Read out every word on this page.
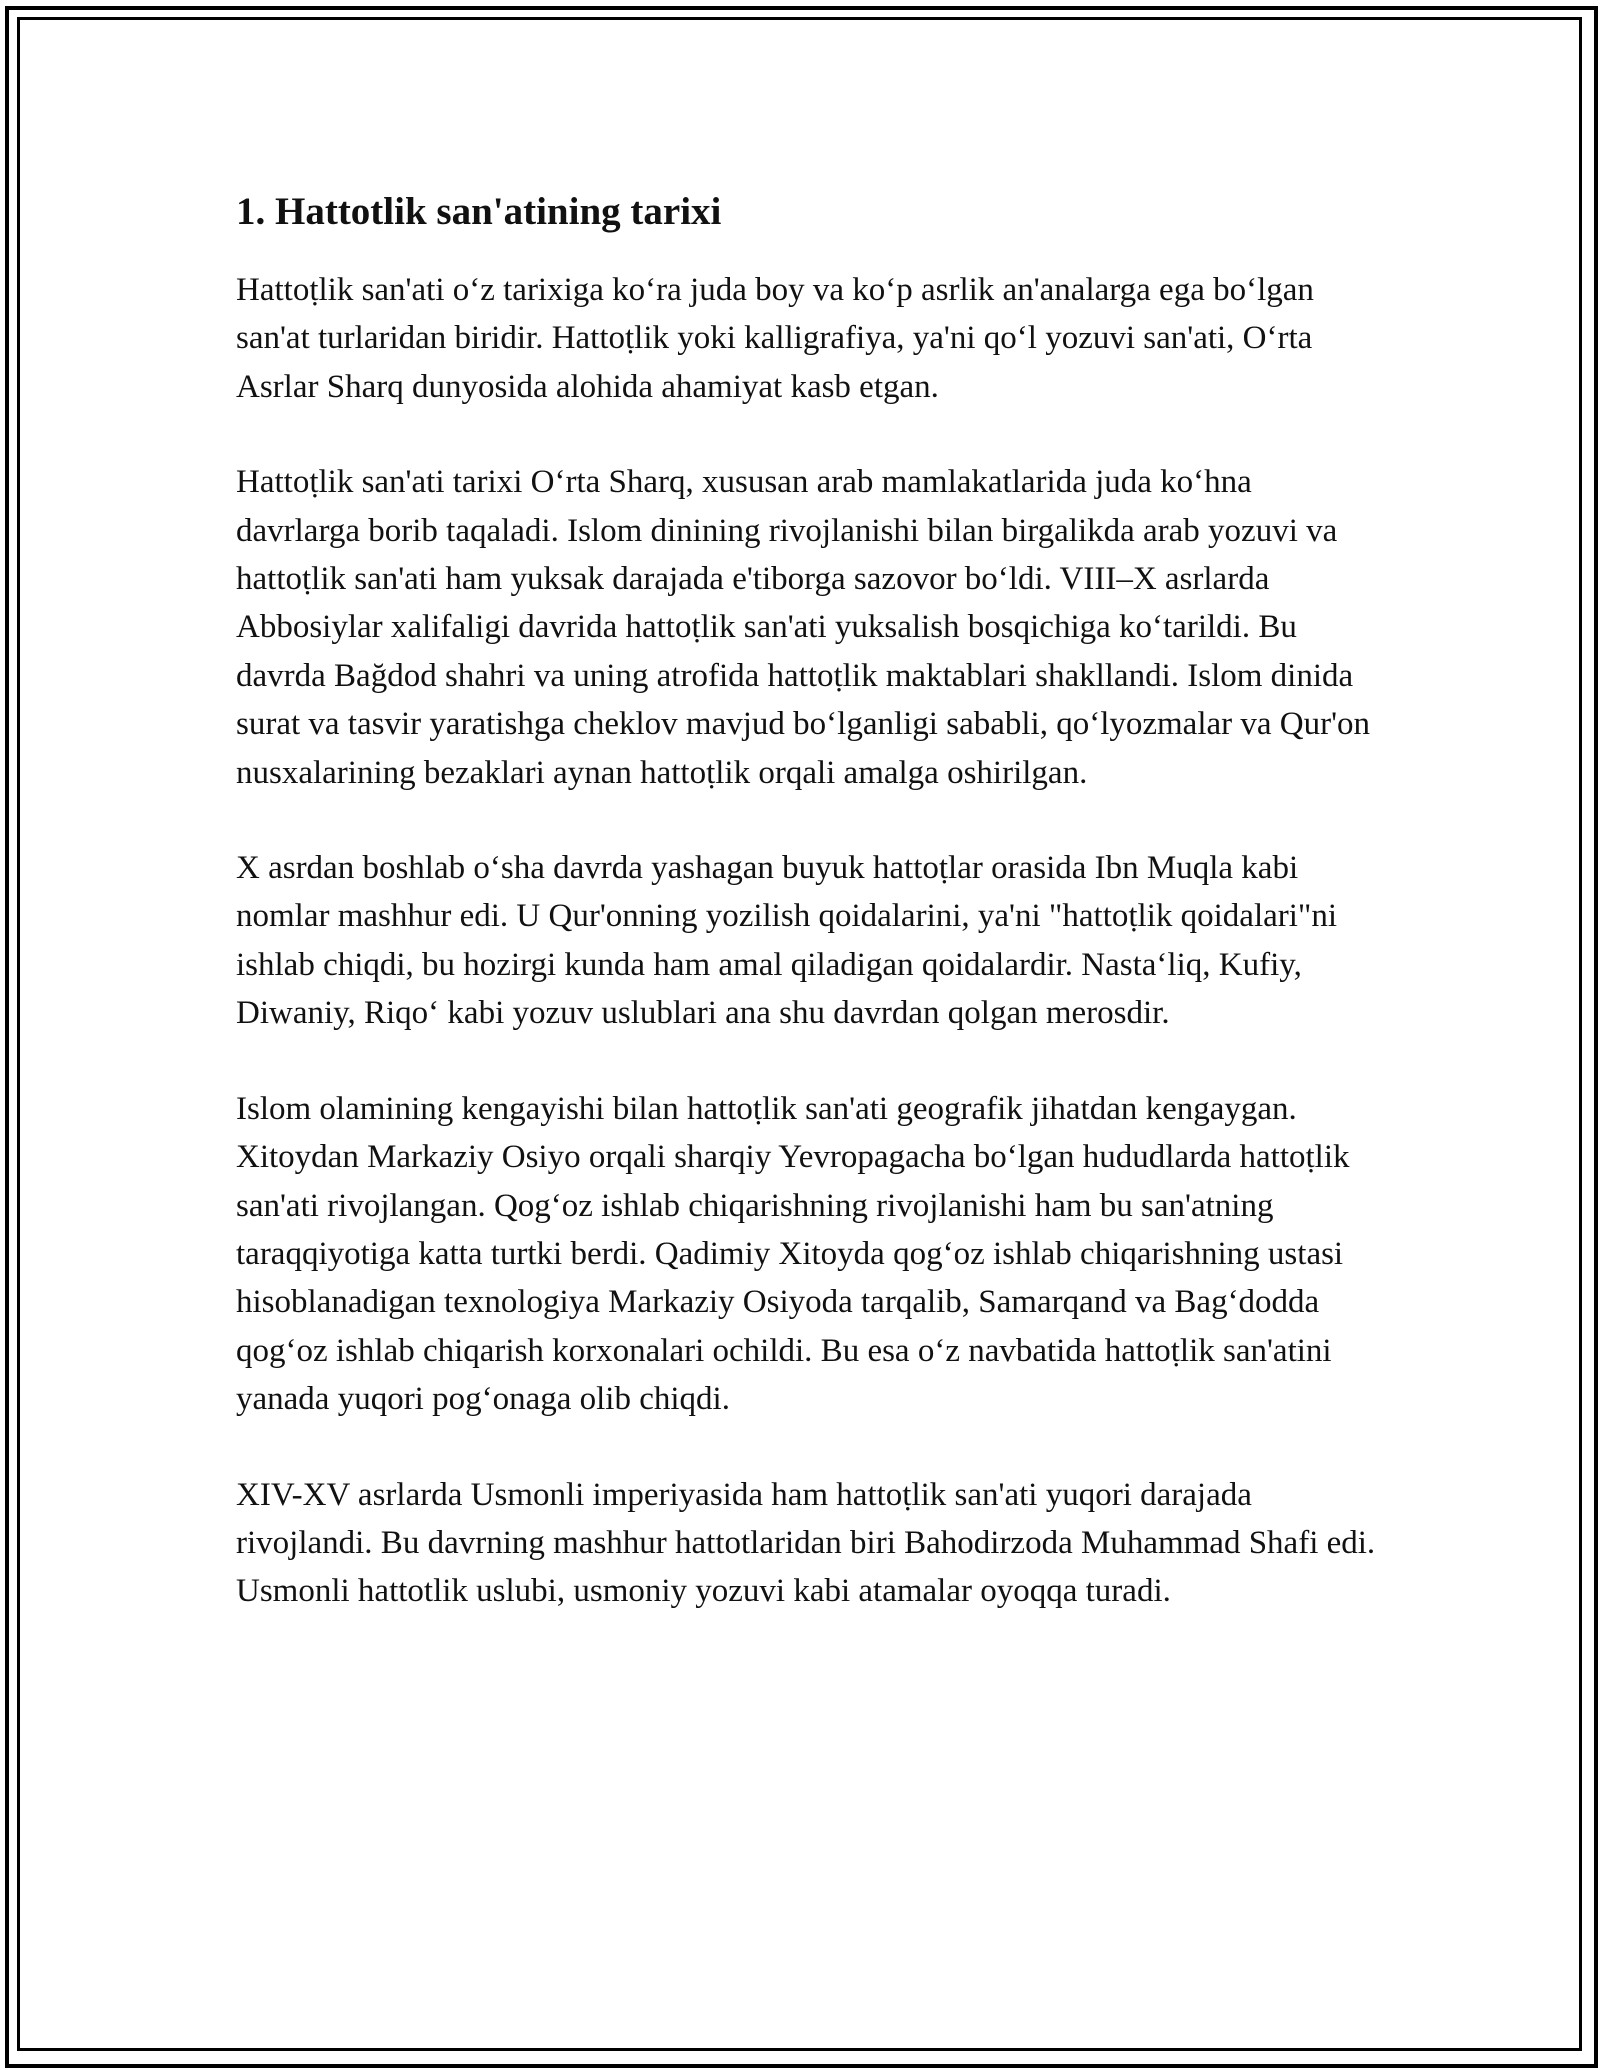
1. Hattotlik san'atining tarixi

Hattoṭlik san'ati oʻz tarixiga koʻra juda boy va koʻp asrlik an'analarga ega boʻlgan san'at turlaridan biridir. Hattoṭlik yoki kalligrafiya, ya'ni qoʻl yozuvi san'ati, Oʻrta Asrlar Sharq dunyosida alohida ahamiyat kasb etgan.

Hattoṭlik san'ati tarixi Oʻrta Sharq, xususan arab mamlakatlarida juda koʻhna davrlarga borib taqaladi. Islom dinining rivojlanishi bilan birgalikda arab yozuvi va hattoṭlik san'ati ham yuksak darajada e'tiborga sazovor boʻldi. VIII–X asrlarda Abbosiylar xalifaligi davrida hattoṭlik san'ati yuksalish bosqichiga koʻtarildi. Bu davrda Bağdod shahri va uning atrofida hattoṭlik maktablari shakllandi. Islom dinida surat va tasvir yaratishga cheklov mavjud boʻlganligi sababli, qoʻlyozmalar va Qur'on nusxalarining bezaklari aynan hattoṭlik orqali amalga oshirilgan.

X asrdan boshlab oʻsha davrda yashagan buyuk hattoṭlar orasida Ibn Muqla kabi nomlar mashhur edi. U Qur'onning yozilish qoidalarini, ya'ni "hattoṭlik qoidalari"ni ishlab chiqdi, bu hozirgi kunda ham amal qiladigan qoidalardir. Nastaʻliq, Kufiy, Diwaniy, Riqoʻ kabi yozuv uslublari ana shu davrdan qolgan merosdir.

Islom olamining kengayishi bilan hattoṭlik san'ati geografik jihatdan kengaygan. Xitoydan Markaziy Osiyo orqali sharqiy Yevropagacha boʻlgan hududlarda hattoṭlik san'ati rivojlangan. Qogʻoz ishlab chiqarishning rivojlanishi ham bu san'atning taraqqiyotiga katta turtki berdi. Qadimiy Xitoyda qogʻoz ishlab chiqarishning ustasi hisoblanadigan texnologiya Markaziy Osiyoda tarqalib, Samarqand va Bagʻdodda qogʻoz ishlab chiqarish korxonalari ochildi. Bu esa oʻz navbatida hattoṭlik san'atini yanada yuqori pogʻonaga olib chiqdi.

XIV-XV asrlarda Usmonli imperiyasida ham hattoṭlik san'ati yuqori darajada rivojlandi. Bu davrning mashhur hattotlaridan biri Bahodirzoda Muhammad Shafi edi. Usmonli hattotlik uslubi, usmoniy yozuvi kabi atamalar oyoqqa turadi.
